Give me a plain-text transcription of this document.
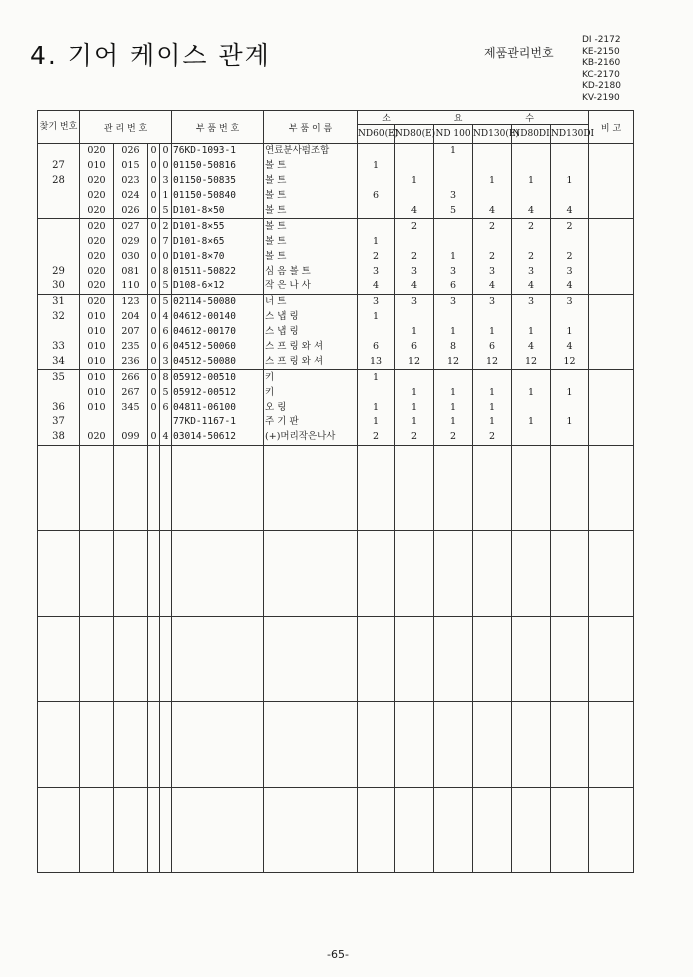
4. 기어 케이스 관계	제품관리번호
DI -2172
KE-2150
KB-2160
KC-2170
KD-2180
KV-2190
찾기 번호	관 리 번 호				부 품 번 호	부 품 이 름	소 요 수						비 고
							ND60(E)	ND80(E)	ND 100	ND130(E)	ND80DI	ND130DI	
	020	026	0	0	76KD-1093-1	연료분사펌조합			1				
27	010	015	0	0	01150-50816	볼 트	1						
28	020	023	0	3	01150-50835	볼 트		1		1	1	1	
	020	024	0	1	01150-50840	볼 트	6		3				
	020	026	0	5	D101-8×50	볼 트		4	5	4	4	4	
	020	027	0	2	D101-8×55	볼 트		2		2	2	2	
	020	029	0	7	D101-8×65	볼 트	1						
	020	030	0	0	D101-8×70	볼 트	2	2	1	2	2	2	
29	020	081	0	8	01511-50822	심 음 볼 트	3	3	3	3	3	3	
30	020	110	0	5	D108-6×12	작 은 나 사	4	4	6	4	4	4	
31	020	123	0	5	02114-50080	너 트	3	3	3	3	3	3	
32	010	204	0	4	04612-00140	스 냅 링	1						
	010	207	0	6	04612-00170	스 냅 링		1	1	1	1	1	
33	010	235	0	6	04512-50060	스 프 링 와 셔	6	6	8	6	4	4	
34	010	236	0	3	04512-50080	스 프 링 와 셔	13	12	12	12	12	12	
35	010	266	0	8	05912-00510	키	1						
	010	267	0	5	05912-00512	키		1	1	1	1	1	
36	010	345	0	6	04811-06100	오 링	1	1	1	1			
37					77KD-1167-1	주 기 판	1	1	1	1	1	1	
38	020	099	0	4	03014-50612	(+)머리작은나사	2	2	2	2			

-65-
